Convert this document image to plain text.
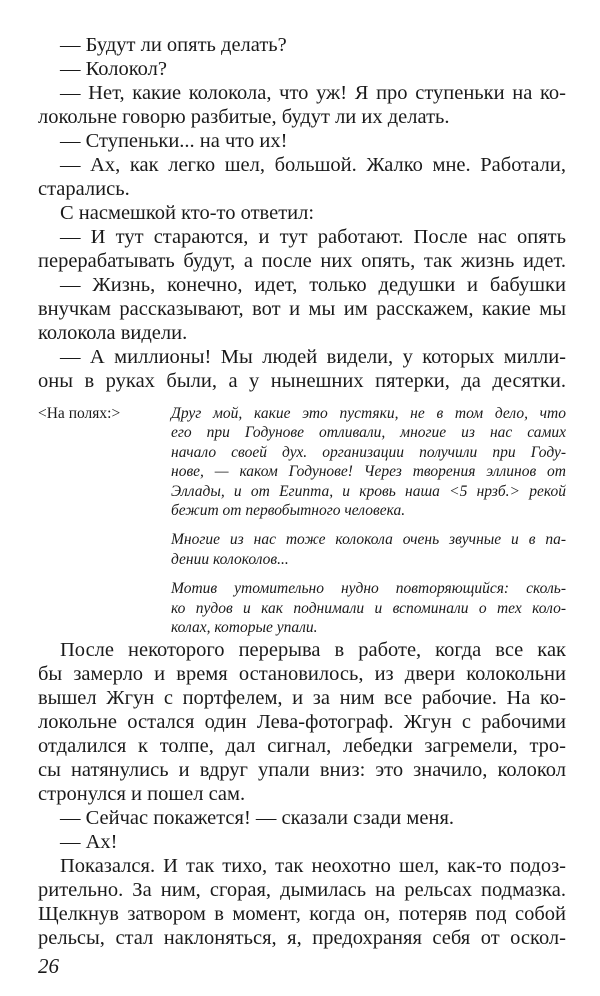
— Будут ли опять делать?
— Колокол?
— Нет, какие колокола, что уж! Я про ступеньки на ко-
локольне говорю разбитые, будут ли их делать.
— Ступеньки... на что их!
— Ах, как легко шел, большой. Жалко мне. Работали,
старались.
С насмешкой кто-то ответил:
— И тут стараются, и тут работают. После нас опять
перерабатывать будут, а после них опять, так жизнь идет.
— Жизнь, конечно, идет, только дедушки и бабушки
внучкам рассказывают, вот и мы им расскажем, какие мы
колокола видели.
— А миллионы! Мы людей видели, у которых милли-
оны в руках были, а у нынешних пятерки, да десятки.
<На полях:>	Друг мой, какие это пустяки, не в том дело, что
его при Годунове отливали, многие из нас самих
начало своей дух. организации получили при Году-
нове, — каком Годунове! Через творения эллинов от
Эллады, и от Египта, и кровь наша <5 нрзб.> рекой
бежит от первобытного человека.
Многие из нас тоже колокола очень звучные и в па-
дении колоколов...
Мотив утомительно нудно повторяющийся: сколь-
ко пудов и как поднимали и вспоминали о тех коло-
колах, которые упали.
После некоторого перерыва в работе, когда все как
бы замерло и время остановилось, из двери колокольни
вышел Жгун с портфелем, и за ним все рабочие. На ко-
локольне остался один Лева-фотограф. Жгун с рабочими
отдалился к толпе, дал сигнал, лебедки загремели, тро-
сы натянулись и вдруг упали вниз: это значило, колокол
стронулся и пошел сам.
— Сейчас покажется! — сказали сзади меня.
— Ах!
Показался. И так тихо, так неохотно шел, как-то подоз-
рительно. За ним, сгорая, дымилась на рельсах подмазка.
Щелкнув затвором в момент, когда он, потеряв под собой
рельсы, стал наклоняться, я, предохраняя себя от оскол-
26
